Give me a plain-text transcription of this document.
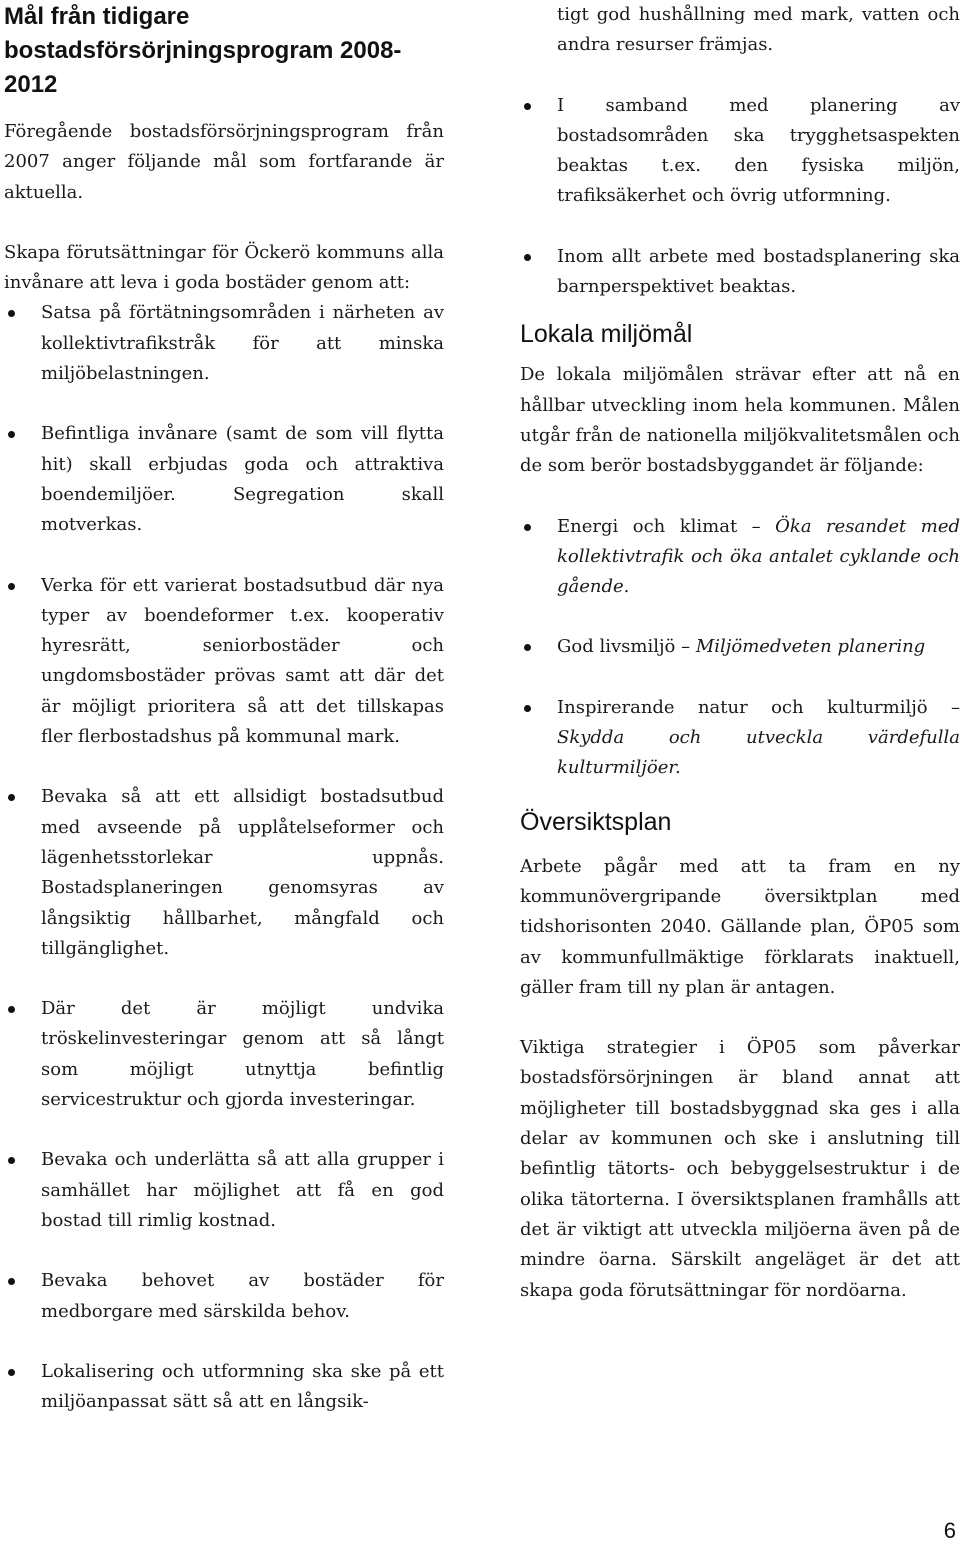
Mål från tidigare bostadsförsörjningsprogram 2008-2012

Föregående bostadsförsörjningsprogram från 2007 anger följande mål som fortfarande är aktuella.

Skapa förutsättningar för Öckerö kommuns alla invånare att leva i goda bostäder genom att:

Satsa på förtätningsområden i närheten av kollektivtrafikstråk för att minska miljöbelastningen.
Befintliga invånare (samt de som vill flytta hit) skall erbjudas goda och attraktiva boendemiljöer. Segregation skall motverkas.
Verka för ett varierat bostadsutbud där nya typer av boendeformer t.ex. kooperativ hyresrätt, seniorbostäder och ungdomsbostäder prövas samt att där det är möjligt prioritera så att det tillskapas fler flerbostadshus på kommunal mark.
Bevaka så att ett allsidigt bostadsutbud med avseende på upplåtelseformer och lägenhetsstorlekar uppnås. Bostadsplaneringen genomsyras av långsiktig hållbarhet, mångfald och tillgänglighet.
Där det är möjligt undvika tröskelinvesteringar genom att så långt som möjligt utnyttja befintlig servicestruktur och gjorda investeringar.
Bevaka och underlätta så att alla grupper i samhället har möjlighet att få en god bostad till rimlig kostnad.
Bevaka behovet av bostäder för medborgare med särskilda behov.
Lokalisering och utformning ska ske på ett miljöanpassat sätt så att en långsik-
tigt god hushållning med mark, vatten och andra resurser främjas.
I samband med planering av bostadsområden ska trygghetsaspekten beaktas t.ex. den fysiska miljön, trafiksäkerhet och övrig utformning.
Inom allt arbete med bostadsplanering ska barnperspektivet beaktas.
Lokala miljömål

De lokala miljömålen strävar efter att nå en hållbar utveckling inom hela kommunen. Målen utgår från de nationella miljökvalitetsmålen och de som berör bostadsbyggandet är följande:

Energi och klimat – Öka resandet med kollektivtrafik och öka antalet cyklande och gående.
God livsmiljö – Miljömedveten planering
Inspirerande natur och kulturmiljö – Skydda och utveckla värdefulla kulturmiljöer.
Översiktsplan

Arbete pågår med att ta fram en ny kommunövergripande översiktplan med tidshorisonten 2040. Gällande plan, ÖP05 som av kommunfullmäktige förklarats inaktuell, gäller fram till ny plan är antagen.

Viktiga strategier i ÖP05 som påverkar bostadsförsörjningen är bland annat att möjligheter till bostadsbyggnad ska ges i alla delar av kommunen och ske i anslutning till befintlig tätorts- och bebyggelsestruktur i de olika tätorterna. I översiktsplanen framhålls att det är viktigt att utveckla miljöerna även på de mindre öarna. Särskilt angeläget är det att skapa goda förutsättningar för nordöarna.

6
